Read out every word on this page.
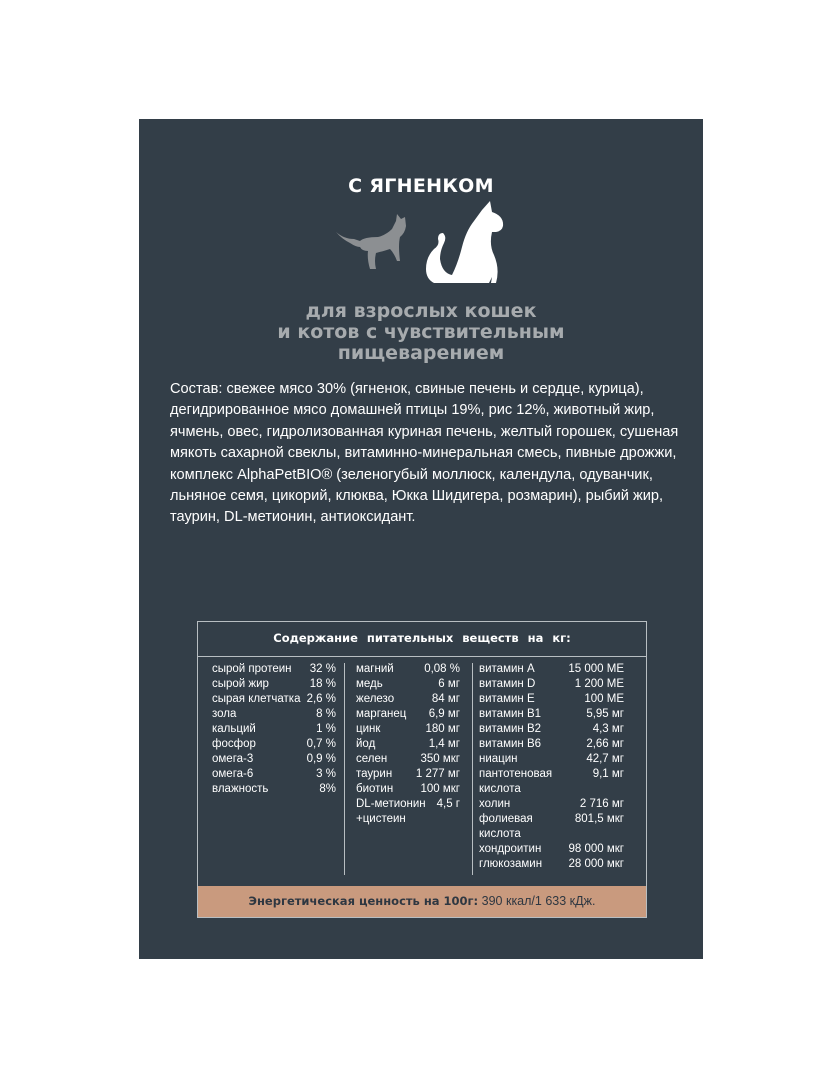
С ЯГНЕНКОМ
для взрослых кошек
и котов с чувствительным
пищеварением
Состав: свежее мясо 30% (ягненок, свиные печень и сердце, курица),
дегидрированное мясо домашней птицы 19%, рис 12%, животный жир,
ячмень, овес, гидролизованная куриная печень, желтый горошек, сушеная
мякоть сахарной свеклы, витаминно-минеральная смесь, пивные дрожжи,
комплекс AlphaPetBIO® (зеленогубый моллюск, календула, одуванчик,
льняное семя, цикорий, клюква, Юкка Шидигера, розмарин), рыбий жир,
таурин, DL-метионин, антиоксидант.
Содержание питательных веществ на кг:
сырой протеин 32 %
сырой жир	18 %
сырая клетчатка 2,6 %
зола	8 %
кальций	1 %
фосфор	0,7 %
омега-3	0,9 %
омега-6	3 %
влажность	8%
магний	0,08 %
медь	6 мг
железо	84 мг
марганец 6,9 мг
цинк	180 мг
йод	1,4 мг
селен	350 мкг
таурин 1 277 мг
биотин 100 мкг
DL-метионин 4,5 г
+цистеин
витамин А	15 000 МЕ
витамин D	1 200 МЕ
витамин Е	100 МЕ
витамин В1	5,95 мг
витамин В2	4,3 мг
витамин В6	2,66 мг
ниацин	42,7 мг
пантотеновая	9,1 мг
кислота
холин	2 716 мг
фолиевая	801,5 мкг
кислота
хондроитин 98 000 мкг
глюкозамин 28 000 мкг
Энергетическая ценность на 100г: 390 ккал/1 633 кДж.
